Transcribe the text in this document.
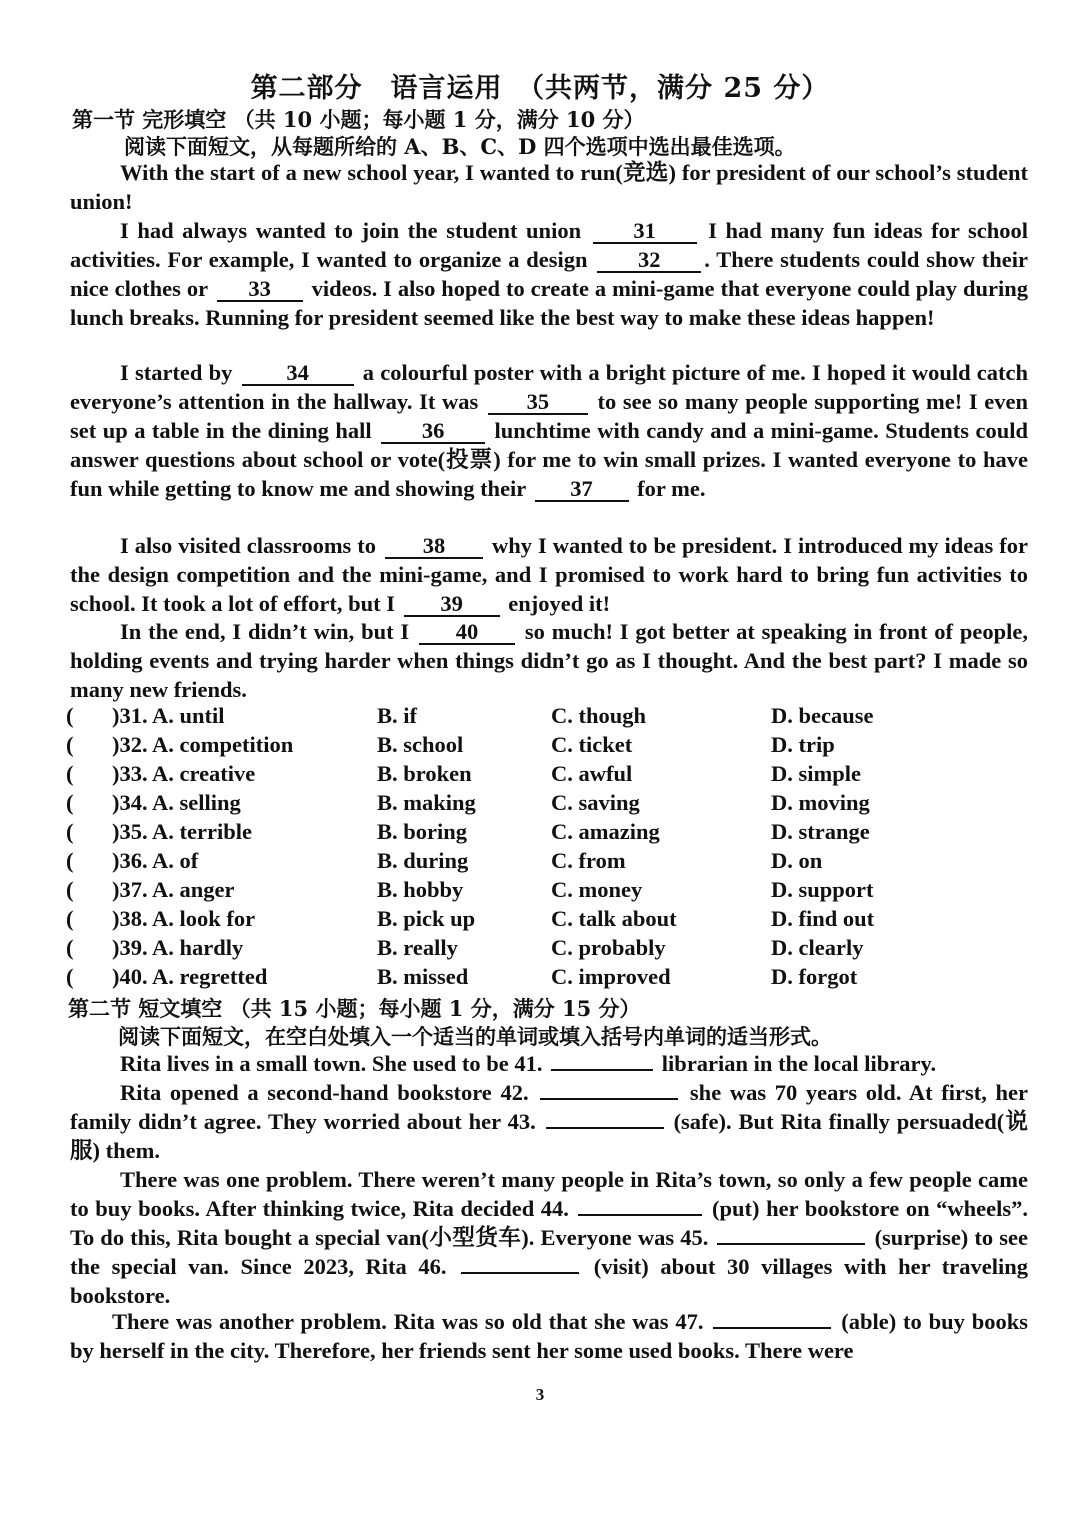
第二部分　语言运用　（共两节，满分 25 分）
第一节 完形填空 （共 10 小题；每小题 1 分，满分 10 分）
阅读下面短文，从每题所给的 A、B、C、D 四个选项中选出最佳选项。
With the start of a new school year, I wanted to run(竞选) for president of our school’s student union!
I had always wanted to join the student union 31 I had many fun ideas for school activities. For example, I wanted to organize a design 32 . There students could show their nice clothes or 33 videos. I also hoped to create a mini-game that everyone could play during lunch breaks. Running for president seemed like the best way to make these ideas happen!
I started by 34 a colourful poster with a bright picture of me. I hoped it would catch everyone’s attention in the hallway. It was 35 to see so many people supporting me! I even set up a table in the dining hall 36 lunchtime with candy and a mini-game. Students could answer questions about school or vote(投票) for me to win small prizes. I wanted everyone to have fun while getting to know me and showing their 37 for me.
I also visited classrooms to 38 why I wanted to be president. I introduced my ideas for the design competition and the mini-game, and I promised to work hard to bring fun activities to school. It took a lot of effort, but I 39 enjoyed it!
In the end, I didn’t win, but I 40 so much! I got better at speaking in front of people, holding events and trying harder when things didn’t go as I thought. And the best part? I made so many new friends.
( )31. A. until	B. if	C. though	D. because
( )32. A. competition	B. school	C. ticket	D. trip
( )33. A. creative	B. broken	C. awful	D. simple
( )34. A. selling	B. making	C. saving	D. moving
( )35. A. terrible	B. boring	C. amazing	D. strange
( )36. A. of	B. during	C. from	D. on
( )37. A. anger	B. hobby	C. money	D. support
( )38. A. look for	B. pick up	C. talk about	D. find out
( )39. A. hardly	B. really	C. probably	D. clearly
( )40. A. regretted	B. missed	C. improved	D. forgot
第二节 短文填空 （共 15 小题；每小题 1 分，满分 15 分）
阅读下面短文，在空白处填入一个适当的单词或填入括号内单词的适当形式。
Rita lives in a small town. She used to be 41.	librarian in the local library.
Rita opened a second-hand bookstore 42.	she was 70 years old. At first, her family didn’t agree. They worried about her 43.	(safe). But Rita finally persuaded(说服) them.
There was one problem. There weren’t many people in Rita’s town, so only a few people came to buy books. After thinking twice, Rita decided 44.	(put) her bookstore on “wheels”. To do this, Rita bought a special van(小型货车). Everyone was 45.	(surprise) to see the special van. Since 2023, Rita 46.	(visit) about 30 villages with her traveling bookstore.
There was another problem. Rita was so old that she was 47.	(able) to buy books by herself in the city. Therefore, her friends sent her some used books. There were
3
